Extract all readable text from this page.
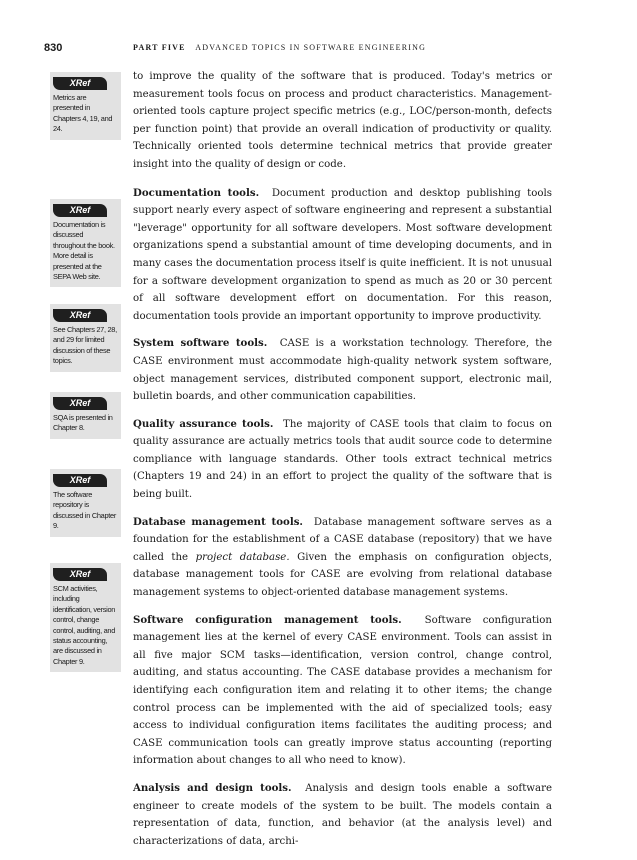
830	PART FIVE ADVANCED TOPICS IN SOFTWARE ENGINEERING
XRef
Metrics are presented in Chapters 4, 19, and 24.
XRef
Documentation is discussed throughout the book. More detail is presented at the SEPA Web site.
XRef
See Chapters 27, 28, and 29 for limited discussion of these topics.
XRef
SQA is presented in Chapter 8.
XRef
The software repository is discussed in Chapter 9.
XRef
SCM activities, including identification, version control, change control, auditing, and status accounting, are discussed in Chapter 9.

to improve the quality of the software that is produced. Today's metrics or measurement tools focus on process and product characteristics. Management-oriented tools capture project specific metrics (e.g., LOC/person-month, defects per function point) that provide an overall indication of productivity or quality. Technically oriented tools determine technical metrics that provide greater insight into the quality of design or code.

Documentation tools. Document production and desktop publishing tools support nearly every aspect of software engineering and represent a substantial "leverage" opportunity for all software developers. Most software development organizations spend a substantial amount of time developing documents, and in many cases the documentation process itself is quite inefficient. It is not unusual for a software development organization to spend as much as 20 or 30 percent of all software development effort on documentation. For this reason, documentation tools provide an important opportunity to improve productivity.

System software tools. CASE is a workstation technology. Therefore, the CASE environment must accommodate high-quality network system software, object management services, distributed component support, electronic mail, bulletin boards, and other communication capabilities.

Quality assurance tools. The majority of CASE tools that claim to focus on quality assurance are actually metrics tools that audit source code to determine compliance with language standards. Other tools extract technical metrics (Chapters 19 and 24) in an effort to project the quality of the software that is being built.

Database management tools. Database management software serves as a foundation for the establishment of a CASE database (repository) that we have called the project database. Given the emphasis on configuration objects, database management tools for CASE are evolving from relational database management systems to object-oriented database management systems.

Software configuration management tools. Software configuration management lies at the kernel of every CASE environment. Tools can assist in all five major SCM tasks—identification, version control, change control, auditing, and status accounting. The CASE database provides a mechanism for identifying each configuration item and relating it to other items; the change control process can be implemented with the aid of specialized tools; easy access to individual configuration items facilitates the auditing process; and CASE communication tools can greatly improve status accounting (reporting information about changes to all who need to know).

Analysis and design tools. Analysis and design tools enable a software engineer to create models of the system to be built. The models contain a representation of data, function, and behavior (at the analysis level) and characterizations of data, archi-
